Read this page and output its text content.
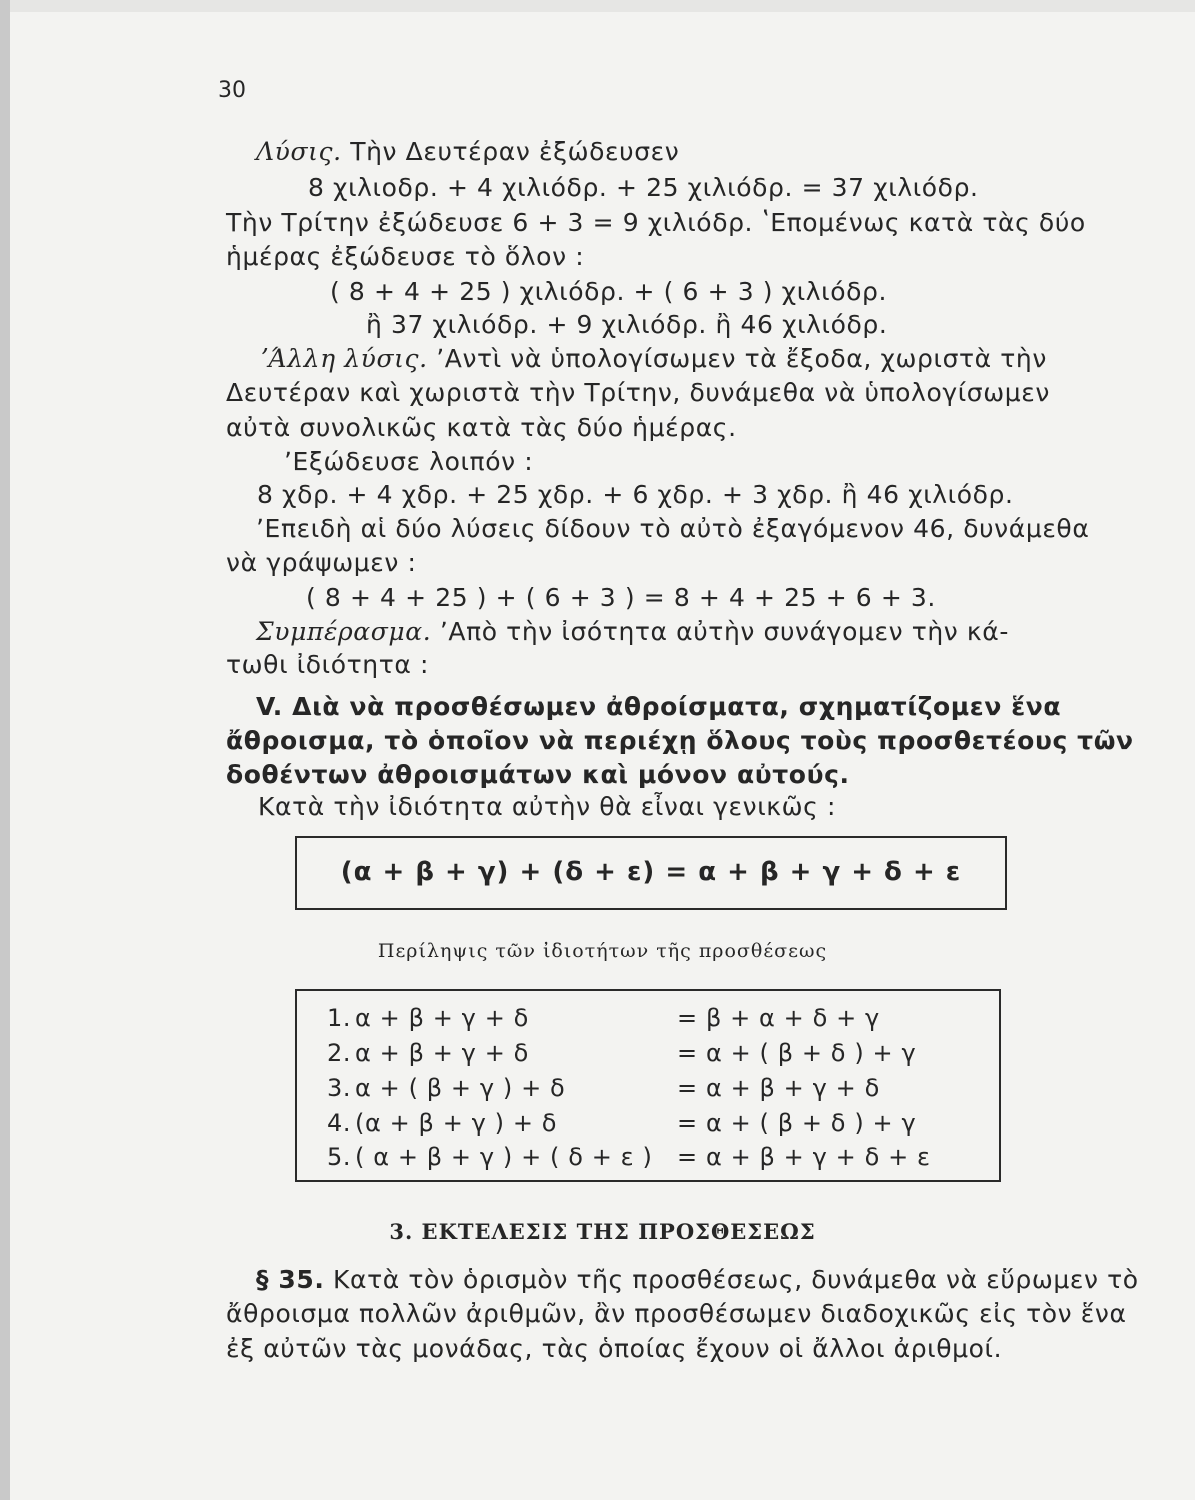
30
Λύσις. Τὴν Δευτέραν ἐξώδευσεν
8 χιλιοδρ. + 4 χιλιόδρ. + 25 χιλιόδρ. = 37 χιλιόδρ.
Τὴν Τρίτην ἐξώδευσε 6 + 3 = 9 χιλιόδρ. ʽΕπομένως κατὰ τὰς δύο
ἡμέρας ἐξώδευσε τὸ ὅλον :
( 8 + 4 + 25 ) χιλιόδρ. + ( 6 + 3 ) χιλιόδρ.
ἢ 37 χιλιόδρ. + 9 χιλιόδρ. ἢ 46 χιλιόδρ.
ʼΆλλη λύσις. ʼΑντὶ νὰ ὑπολογίσωμεν τὰ ἔξοδα, χωριστὰ τὴν
Δευτέραν καὶ χωριστὰ τὴν Τρίτην, δυνάμεθα νὰ ὑπολογίσωμεν
αὐτὰ συνολικῶς κατὰ τὰς δύο ἡμέρας.
ʼΕξώδευσε λοιπόν :
8 χδρ. + 4 χδρ. + 25 χδρ. + 6 χδρ. + 3 χδρ. ἢ 46 χιλιόδρ.
ʼΕπειδὴ αἱ δύο λύσεις δίδουν τὸ αὐτὸ ἐξαγόμενον 46, δυνάμεθα
νὰ γράψωμεν :
( 8 + 4 + 25 ) + ( 6 + 3 ) = 8 + 4 + 25 + 6 + 3.
Συμπέρασμα. ʼΑπὸ τὴν ἰσότητα αὐτὴν συνάγομεν τὴν κά-
τωθι ἰδιότητα :
V. Διὰ νὰ προσθέσωμεν ἀθροίσματα, σχηματίζομεν ἕνα
ἄθροισμα, τὸ ὁποῖον νὰ περιέχῃ ὅλους τοὺς προσθετέους τῶν
δοθέντων ἀθροισμάτων καὶ μόνον αὐτούς.
Κατὰ τὴν ἰδιότητα αὐτὴν θὰ εἶναι γενικῶς :
(α + β + γ) + (δ + ε) = α + β + γ + δ + ε
Περίληψις τῶν ἰδιοτήτων τῆς προσθέσεως
1. α + β + γ + δ	= β + α + δ + γ
2. α + β + γ + δ	= α + ( β + δ ) + γ
3. α + ( β + γ ) + δ	= α + β + γ + δ
4. (α + β + γ ) + δ	= α + ( β + δ ) + γ
5. ( α + β + γ ) + ( δ + ε ) = α + β + γ + δ + ε
3. ΕΚΤΕΛΕΣΙΣ ΤΗΣ ΠΡΟΣΘΕΣΕΩΣ
§ 35. Κατὰ τὸν ὁρισμὸν τῆς προσθέσεως, δυνάμεθα νὰ εὕρωμεν τὸ
ἄθροισμα πολλῶν ἀριθμῶν, ἂν προσθέσωμεν διαδοχικῶς εἰς τὸν ἕνα
ἐξ αὐτῶν τὰς μονάδας, τὰς ὁποίας ἔχουν οἱ ἄλλοι ἀριθμοί.
